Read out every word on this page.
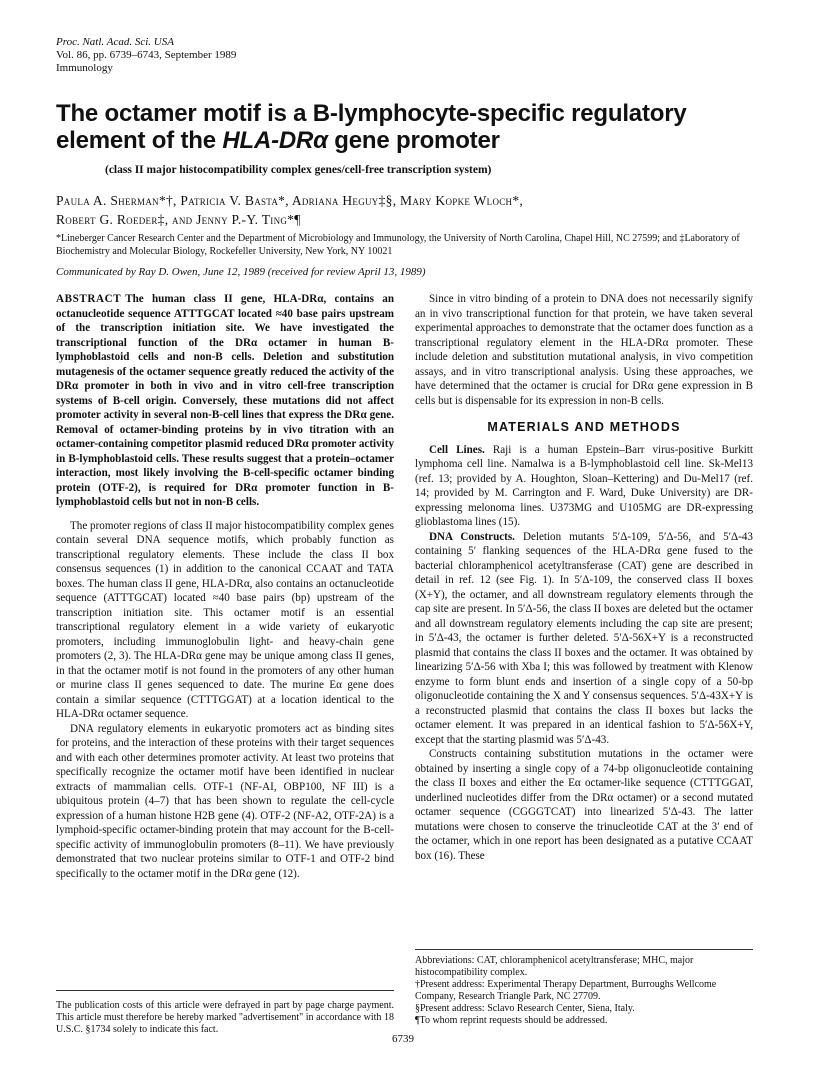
Proc. Natl. Acad. Sci. USA
Vol. 86, pp. 6739–6743, September 1989
Immunology
The octamer motif is a B-lymphocyte-specific regulatory element of the HLA-DRα gene promoter
(class II major histocompatibility complex genes/cell-free transcription system)
Paula A. Sherman*†, Patricia V. Basta*, Adriana Heguy‡§, Mary Kopke Wloch*,
Robert G. Roeder‡, and Jenny P.-Y. Ting*¶
*Lineberger Cancer Research Center and the Department of Microbiology and Immunology, the University of North Carolina, Chapel Hill, NC 27599; and ‡Laboratory of Biochemistry and Molecular Biology, Rockefeller University, New York, NY 10021
Communicated by Ray D. Owen, June 12, 1989 (received for review April 13, 1989)

ABSTRACT The human class II gene, HLA-DRα, contains an octanucleotide sequence ATTTGCAT located ≈40 base pairs upstream of the transcription initiation site. We have investigated the transcriptional function of the DRα octamer in human B-lymphoblastoid cells and non-B cells. Deletion and substitution mutagenesis of the octamer sequence greatly reduced the activity of the DRα promoter in both in vivo and in vitro cell-free transcription systems of B-cell origin. Conversely, these mutations did not affect promoter activity in several non-B-cell lines that express the DRα gene. Removal of octamer-binding proteins by in vivo titration with an octamer-containing competitor plasmid reduced DRα promoter activity in B-lymphoblastoid cells. These results suggest that a protein–octamer interaction, most likely involving the B-cell-specific octamer binding protein (OTF-2), is required for DRα promoter function in B-lymphoblastoid cells but not in non-B cells.

The promoter regions of class II major histocompatibility complex genes contain several DNA sequence motifs, which probably function as transcriptional regulatory elements. These include the class II box consensus sequences (1) in addition to the canonical CCAAT and TATA boxes. The human class II gene, HLA-DRα, also contains an octanucleotide sequence (ATTTGCAT) located ≈40 base pairs (bp) upstream of the transcription initiation site. This octamer motif is an essential transcriptional regulatory element in a wide variety of eukaryotic promoters, including immunoglobulin light- and heavy-chain gene promoters (2, 3). The HLA-DRα gene may be unique among class II genes, in that the octamer motif is not found in the promoters of any other human or murine class II genes sequenced to date. The murine Eα gene does contain a similar sequence (CTTTGGAT) at a location identical to the HLA-DRα octamer sequence.

DNA regulatory elements in eukaryotic promoters act as binding sites for proteins, and the interaction of these proteins with their target sequences and with each other determines promoter activity. At least two proteins that specifically recognize the octamer motif have been identified in nuclear extracts of mammalian cells. OTF-1 (NF-AI, OBP100, NF III) is a ubiquitous protein (4–7) that has been shown to regulate the cell-cycle expression of a human histone H2B gene (4). OTF-2 (NF-A2, OTF-2A) is a lymphoid-specific octamer-binding protein that may account for the B-cell-specific activity of immunoglobulin promoters (8–11). We have previously demonstrated that two nuclear proteins similar to OTF-1 and OTF-2 bind specifically to the octamer motif in the DRα gene (12).

The publication costs of this article were defrayed in part by page charge payment. This article must therefore be hereby marked "advertisement" in accordance with 18 U.S.C. §1734 solely to indicate this fact.

Since in vitro binding of a protein to DNA does not necessarily signify an in vivo transcriptional function for that protein, we have taken several experimental approaches to demonstrate that the octamer does function as a transcriptional regulatory element in the HLA-DRα promoter. These include deletion and substitution mutational analysis, in vivo competition assays, and in vitro transcriptional analysis. Using these approaches, we have determined that the octamer is crucial for DRα gene expression in B cells but is dispensable for its expression in non-B cells.

MATERIALS AND METHODS

Cell Lines. Raji is a human Epstein–Barr virus-positive Burkitt lymphoma cell line. Namalwa is a B-lymphoblastoid cell line. Sk-Mel13 (ref. 13; provided by A. Houghton, Sloan–Kettering) and Du-Mel17 (ref. 14; provided by M. Carrington and F. Ward, Duke University) are DR-expressing melonoma lines. U373MG and U105MG are DR-expressing glioblastoma lines (15).

DNA Constructs. Deletion mutants 5′Δ-109, 5′Δ-56, and 5′Δ-43 containing 5′ flanking sequences of the HLA-DRα gene fused to the bacterial chloramphenicol acetyltransferase (CAT) gene are described in detail in ref. 12 (see Fig. 1). In 5′Δ-109, the conserved class II boxes (X+Y), the octamer, and all downstream regulatory elements through the cap site are present. In 5′Δ-56, the class II boxes are deleted but the octamer and all downstream regulatory elements including the cap site are present; in 5′Δ-43, the octamer is further deleted. 5′Δ-56X+Y is a reconstructed plasmid that contains the class II boxes and the octamer. It was obtained by linearizing 5′Δ-56 with Xba I; this was followed by treatment with Klenow enzyme to form blunt ends and insertion of a single copy of a 50-bp oligonucleotide containing the X and Y consensus sequences. 5′Δ-43X+Y is a reconstructed plasmid that contains the class II boxes but lacks the octamer element. It was prepared in an identical fashion to 5′Δ-56X+Y, except that the starting plasmid was 5′Δ-43.

Constructs containing substitution mutations in the octamer were obtained by inserting a single copy of a 74-bp oligonucleotide containing the class II boxes and either the Eα octamer-like sequence (CTTTGGAT, underlined nucleotides differ from the DRα octamer) or a second mutated octamer sequence (CGGGTCAT) into linearized 5′Δ-43. The latter mutations were chosen to conserve the trinucleotide CAT at the 3′ end of the octamer, which in one report has been designated as a putative CCAAT box (16). These

Abbreviations: CAT, chloramphenicol acetyltransferase; MHC, major histocompatibility complex.
†Present address: Experimental Therapy Department, Burroughs Wellcome Company, Research Triangle Park, NC 27709.
§Present address: Sclavo Research Center, Siena, Italy.
¶To whom reprint requests should be addressed.
6739
